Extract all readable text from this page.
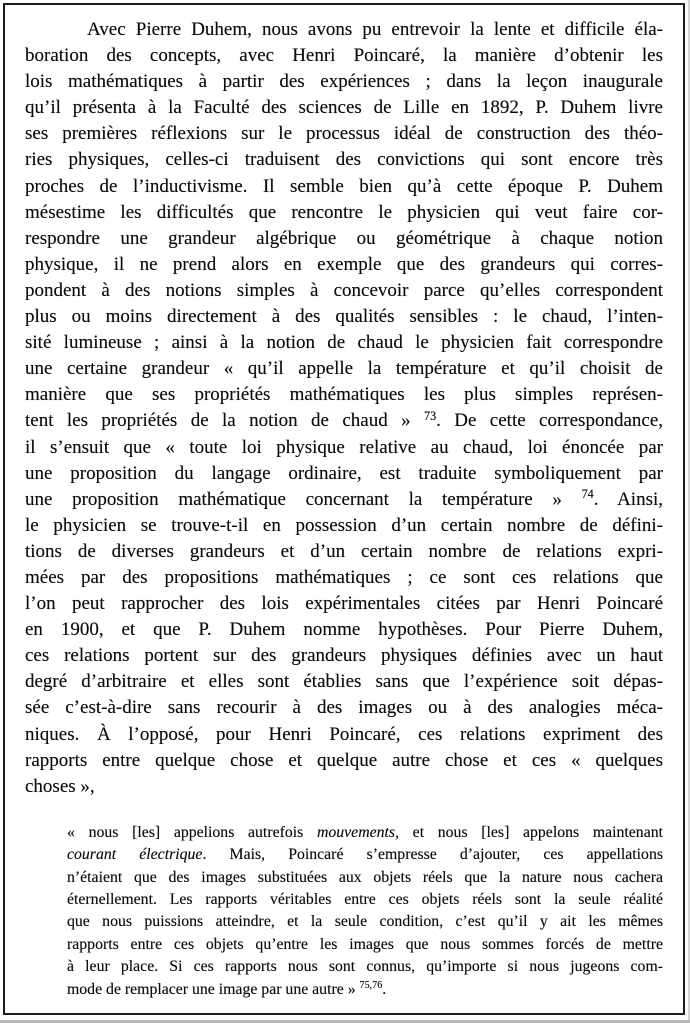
Avec Pierre Duhem, nous avons pu entrevoir la lente et difficile éla-
boration des concepts, avec Henri Poincaré, la manière d’obtenir les
lois mathématiques à partir des expériences ; dans la leçon inaugurale
qu’il présenta à la Faculté des sciences de Lille en 1892, P. Duhem livre
ses premières réflexions sur le processus idéal de construction des théo-
ries physiques, celles-ci traduisent des convictions qui sont encore très
proches de l’inductivisme. Il semble bien qu’à cette époque P. Duhem
mésestime les difficultés que rencontre le physicien qui veut faire cor-
respondre une grandeur algébrique ou géométrique à chaque notion
physique, il ne prend alors en exemple que des grandeurs qui corres-
pondent à des notions simples à concevoir parce qu’elles correspondent
plus ou moins directement à des qualités sensibles : le chaud, l’inten-
sité lumineuse ; ainsi à la notion de chaud le physicien fait correspondre
une certaine grandeur « qu’il appelle la température et qu’il choisit de
manière que ses propriétés mathématiques les plus simples représen-
tent les propriétés de la notion de chaud » $^{73}$. De cette correspondance,
il s’ensuit que « toute loi physique relative au chaud, loi énoncée par
une proposition du langage ordinaire, est traduite symboliquement par
une proposition mathématique concernant la température » $^{74}$. Ainsi,
le physicien se trouve-t-il en possession d’un certain nombre de défini-
tions de diverses grandeurs et d’un certain nombre de relations expri-
mées par des propositions mathématiques ; ce sont ces relations que
l’on peut rapprocher des lois expérimentales citées par Henri Poincaré
en 1900, et que P. Duhem nomme hypothèses. Pour Pierre Duhem,
ces relations portent sur des grandeurs physiques définies avec un haut
degré d’arbitraire et elles sont établies sans que l’expérience soit dépas-
sée c’est-à-dire sans recourir à des images ou à des analogies méca-
niques. À l’opposé, pour Henri Poincaré, ces relations expriment des
rapports entre quelque chose et quelque autre chose et ces « quelques
choses »,
« nous [les] appelions autrefois mouvements, et nous [les] appelons maintenant
courant électrique. Mais, Poincaré s’empresse d’ajouter, ces appellations
n’étaient que des images substituées aux objets réels que la nature nous cachera
éternellement. Les rapports véritables entre ces objets réels sont la seule réalité
que nous puissions atteindre, et la seule condition, c’est qu’il y ait les mêmes
rapports entre ces objets qu’entre les images que nous sommes forcés de mettre
à leur place. Si ces rapports nous sont connus, qu’importe si nous jugeons com-
mode de remplacer une image par une autre » $^{75,76}$.
